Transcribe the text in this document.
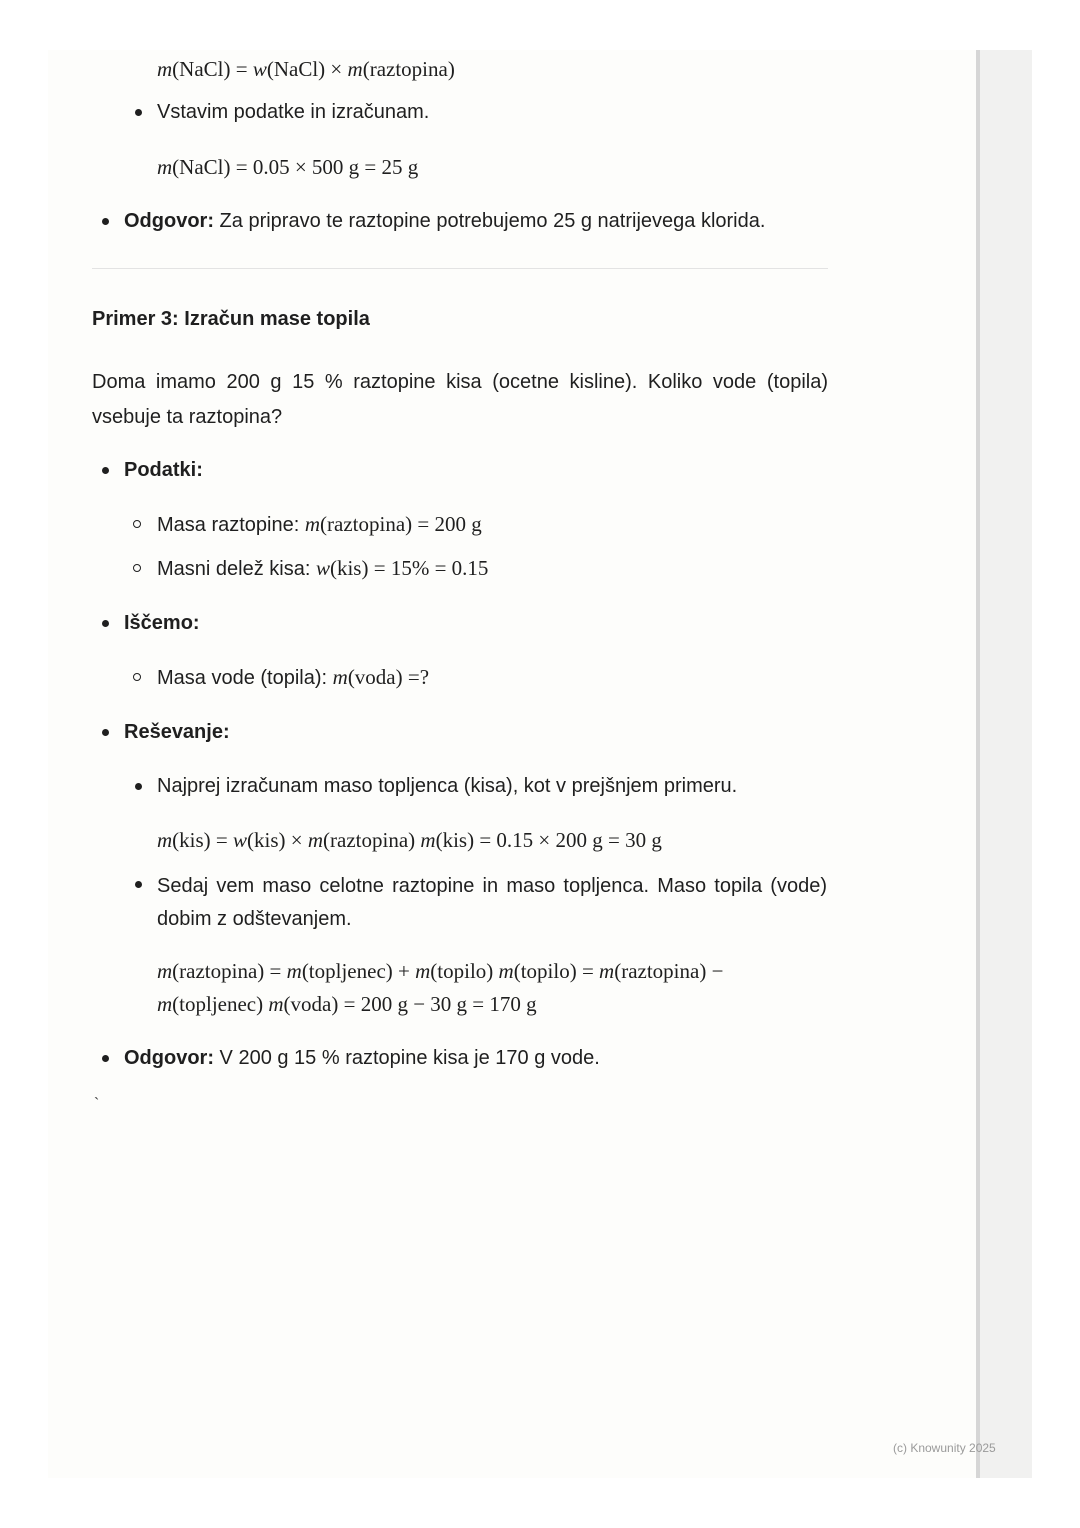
m(NaCl) = w(NaCl) × m(raztopina)
Vstavim podatke in izračunam.
m(NaCl) = 0.05 × 500 g = 25 g
Odgovor: Za pripravo te raztopine potrebujemo 25 g natrijevega klorida.
Primer 3: Izračun mase topila
Doma imamo 200 g 15 % raztopine kisa (ocetne kisline). Koliko vode (topila) vsebuje ta raztopina?
Podatki:
Masa raztopine: m(raztopina) = 200 g
Masni delež kisa: w(kis) = 15% = 0.15
Iščemo:
Masa vode (topila): m(voda) =?
Reševanje:
Najprej izračunam maso topljenca (kisa), kot v prejšnjem primeru.
m(kis) = w(kis) × m(raztopina) m(kis) = 0.15 × 200 g = 30 g
Sedaj vem maso celotne raztopine in maso topljenca. Maso topila (vode) dobim z odštevanjem.
m(raztopina) = m(topljenec) + m(topilo) m(topilo) = m(raztopina) −
m(topljenec) m(voda) = 200 g − 30 g = 170 g
Odgovor: V 200 g 15 % raztopine kisa je 170 g vode.
`
(c) Knowunity 2025
